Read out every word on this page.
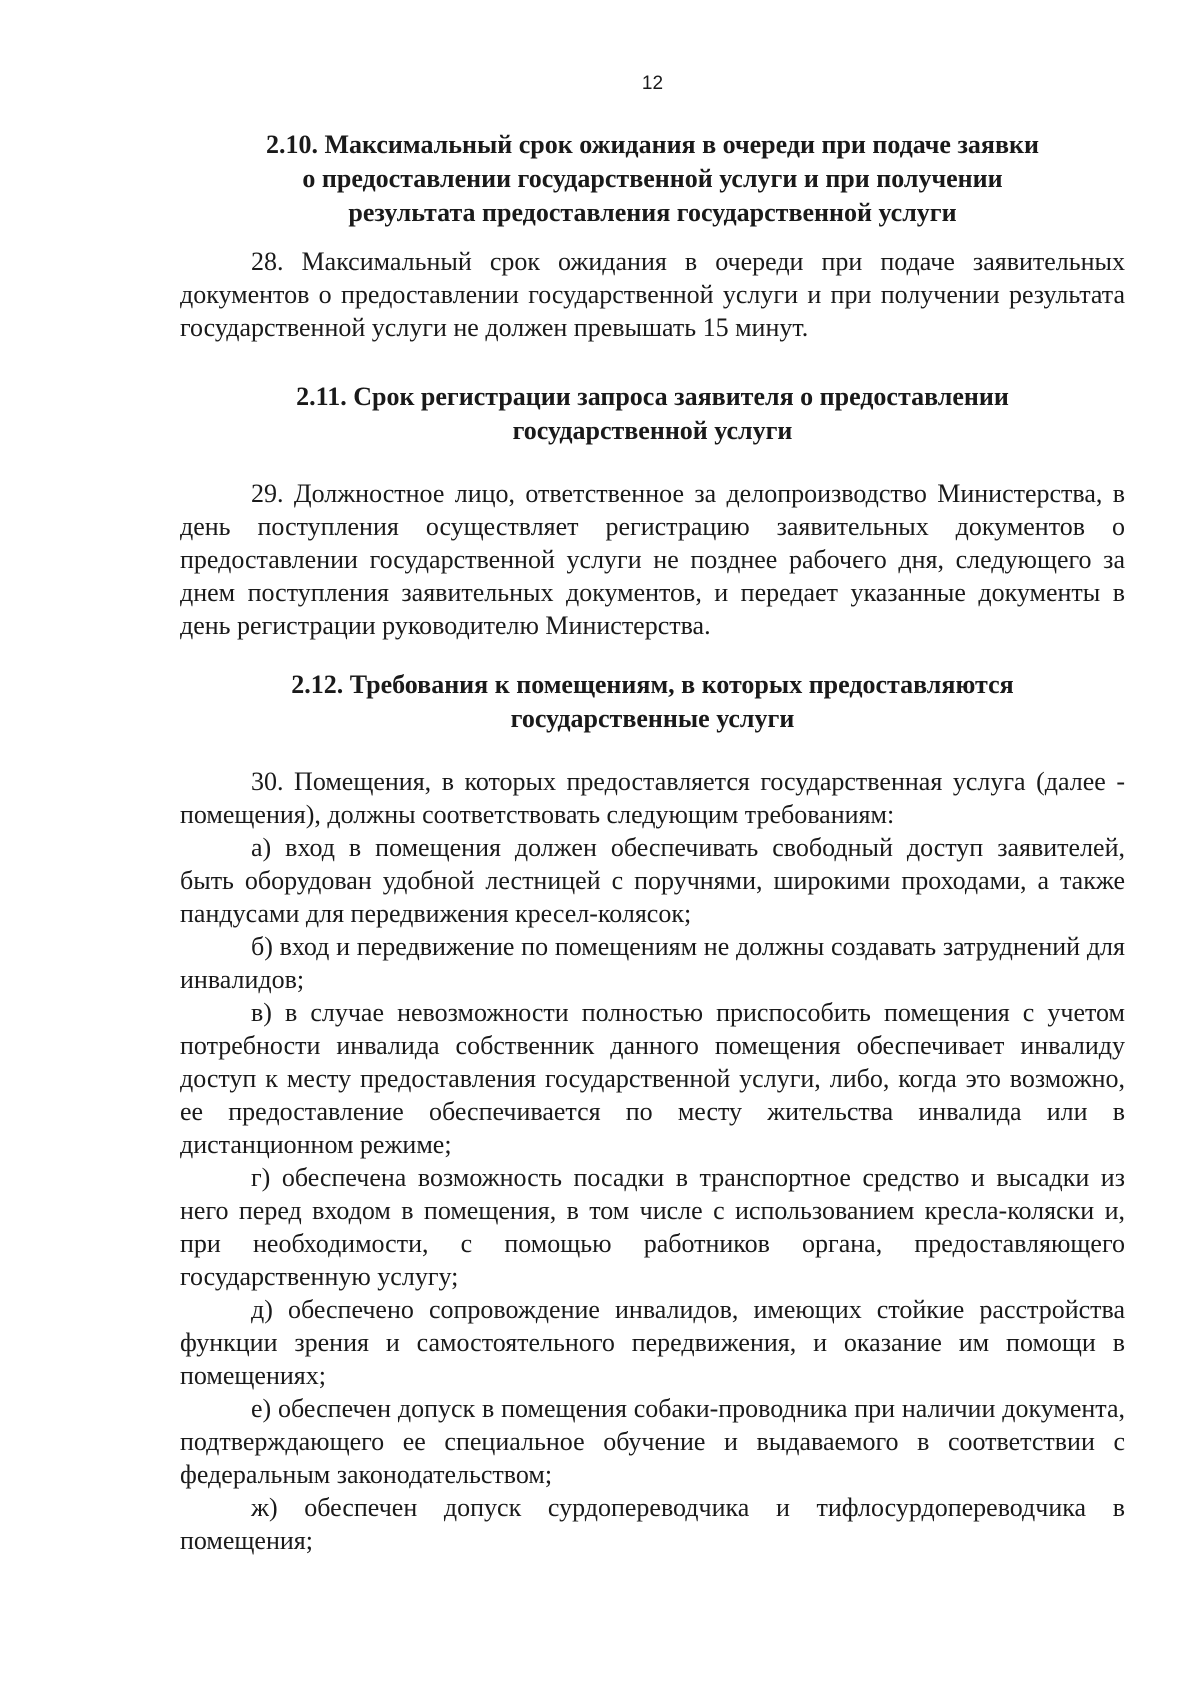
12
2.10. Максимальный срок ожидания в очереди при подаче заявки
о предоставлении государственной услуги и при получении
результата предоставления государственной услуги
28. Максимальный срок ожидания в очереди при подаче заявительных документов о предоставлении государственной услуги и при получении результата государственной услуги не должен превышать 15 минут.
2.11. Срок регистрации запроса заявителя о предоставлении
государственной услуги
29. Должностное лицо, ответственное за делопроизводство Министерства, в день поступления осуществляет регистрацию заявительных документов о предоставлении государственной услуги не позднее рабочего дня, следующего за днем поступления заявительных документов, и передает указанные документы в день регистрации руководителю Министерства.
2.12. Требования к помещениям, в которых предоставляются
государственные услуги
30. Помещения, в которых предоставляется государственная услуга (далее - помещения), должны соответствовать следующим требованиям:
а) вход в помещения должен обеспечивать свободный доступ заявителей, быть оборудован удобной лестницей с поручнями, широкими проходами, а также пандусами для передвижения кресел-колясок;
б) вход и передвижение по помещениям не должны создавать затруднений для инвалидов;
в) в случае невозможности полностью приспособить помещения с учетом потребности инвалида собственник данного помещения обеспечивает инвалиду доступ к месту предоставления государственной услуги, либо, когда это возможно, ее предоставление обеспечивается по месту жительства инвалида или в дистанционном режиме;
г) обеспечена возможность посадки в транспортное средство и высадки из него перед входом в помещения, в том числе с использованием кресла-коляски и, при необходимости, с помощью работников органа, предоставляющего государственную услугу;
д) обеспечено сопровождение инвалидов, имеющих стойкие расстройства функции зрения и самостоятельного передвижения, и оказание им помощи в помещениях;
е) обеспечен допуск в помещения собаки-проводника при наличии документа, подтверждающего ее специальное обучение и выдаваемого в соответствии с федеральным законодательством;
ж) обеспечен допуск сурдопереводчика и тифлосурдопереводчика в помещения;
